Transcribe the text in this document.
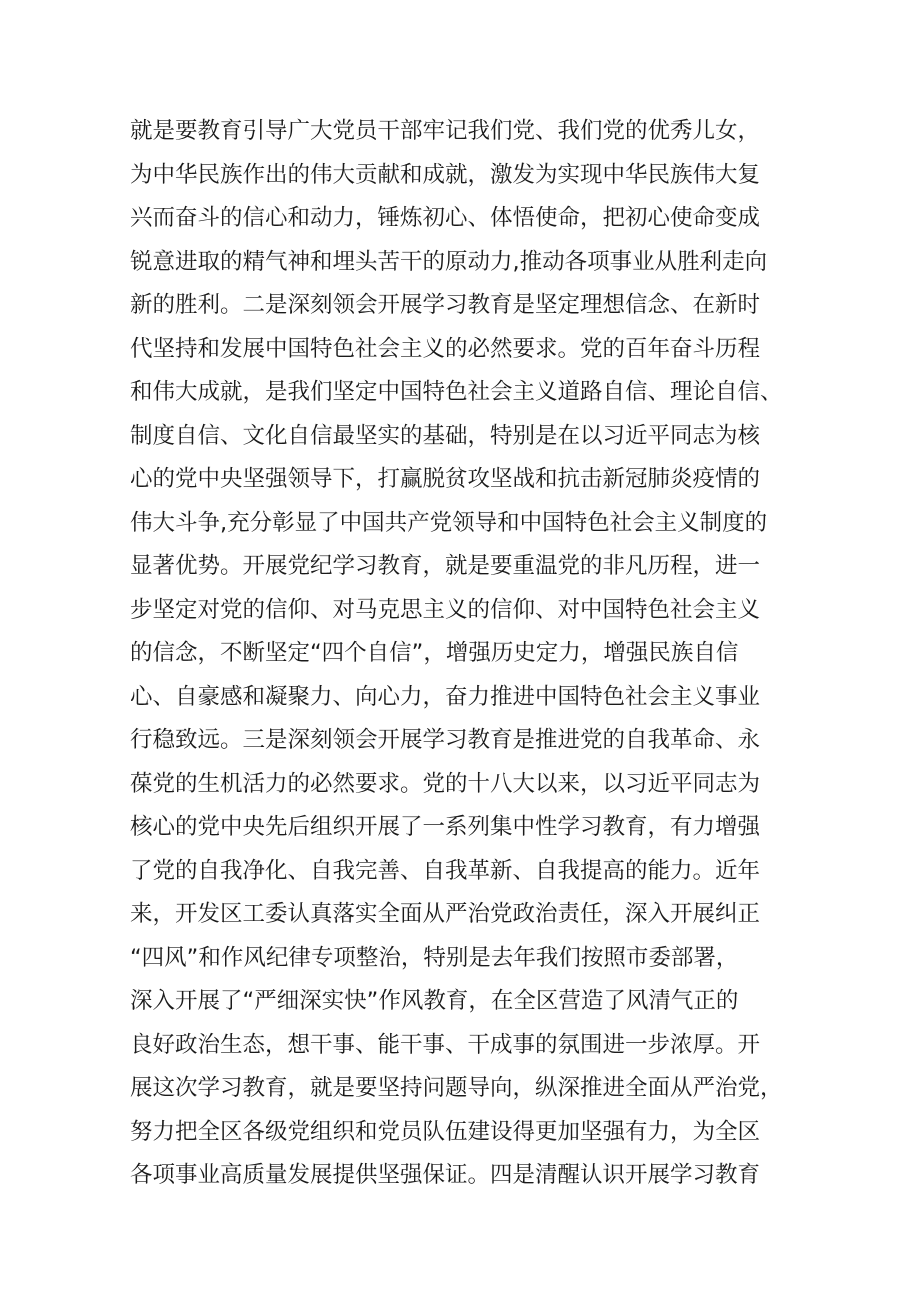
就是要教育引导广大党员干部牢记我们党、我们党的优秀儿女，
为中华民族作出的伟大贡献和成就，激发为实现中华民族伟大复
兴而奋斗的信心和动力，锤炼初心、体悟使命，把初心使命变成
锐意进取的精气神和埋头苦干的原动力,推动各项事业从胜利走向
新的胜利。二是深刻领会开展学习教育是坚定理想信念、在新时
代坚持和发展中国特色社会主义的必然要求。党的百年奋斗历程
和伟大成就，是我们坚定中国特色社会主义道路自信、理论自信、
制度自信、文化自信最坚实的基础，特别是在以习近平同志为核
心的党中央坚强领导下，打赢脱贫攻坚战和抗击新冠肺炎疫情的
伟大斗争,充分彰显了中国共产党领导和中国特色社会主义制度的
显著优势。开展党纪学习教育，就是要重温党的非凡历程，进一
步坚定对党的信仰、对马克思主义的信仰、对中国特色社会主义
的信念，不断坚定“四个自信”，增强历史定力，增强民族自信
心、自豪感和凝聚力、向心力，奋力推进中国特色社会主义事业
行稳致远。三是深刻领会开展学习教育是推进党的自我革命、永
葆党的生机活力的必然要求。党的十八大以来，以习近平同志为
核心的党中央先后组织开展了一系列集中性学习教育，有力增强
了党的自我净化、自我完善、自我革新、自我提高的能力。近年
来，开发区工委认真落实全面从严治党政治责任，深入开展纠正
“四风”和作风纪律专项整治，特别是去年我们按照市委部署，
深入开展了“严细深实快”作风教育，在全区营造了风清气正的
良好政治生态，想干事、能干事、干成事的氛围进一步浓厚。开
展这次学习教育，就是要坚持问题导向，纵深推进全面从严治党，
努力把全区各级党组织和党员队伍建设得更加坚强有力，为全区
各项事业高质量发展提供坚强保证。四是清醒认识开展学习教育
